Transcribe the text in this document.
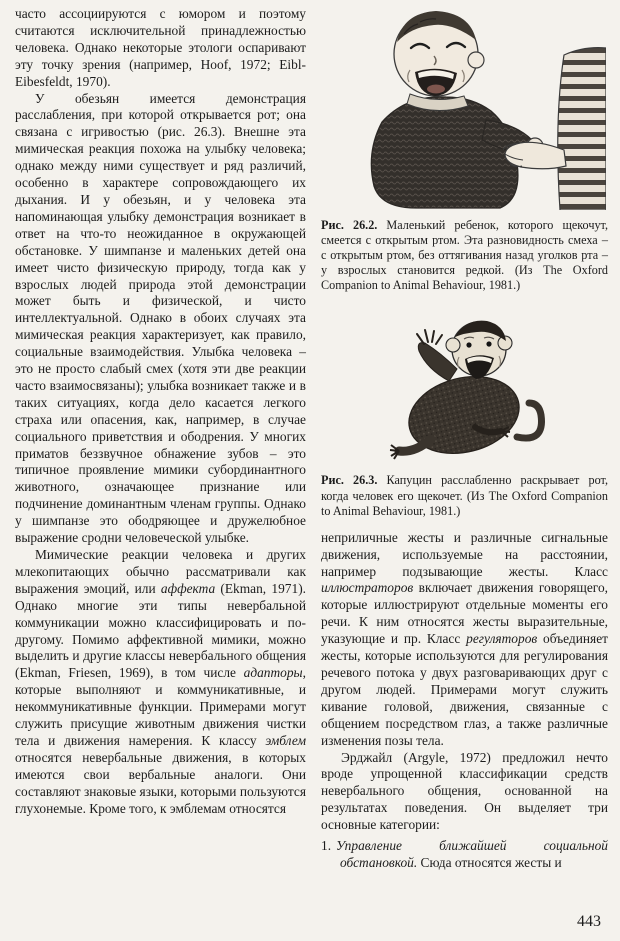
часто ассоциируются с юмором и поэтому считаются исключительной принадлежностью человека. Однако некоторые этологи оспаривают эту точку зрения (например, Hoof, 1972; Eibl-Eibesfeldt, 1970).

У обезьян имеется демонстрация расслабления, при которой открывается рот; она связана с игривостью (рис. 26.3). Внешне эта мимическая реакция похожа на улыбку человека; однако между ними существует и ряд различий, особенно в характере сопровождающего их дыхания. И у обезьян, и у человека эта напоминающая улыбку демонстрация возникает в ответ на что-то неожиданное в окружающей обстановке. У шимпанзе и маленьких детей она имеет чисто физическую природу, тогда как у взрослых людей природа этой демонстрации может быть и физической, и чисто интеллектуальной. Однако в обоих случаях эта мимическая реакция характеризует, как правило, социальные взаимодействия. Улыбка человека – это не просто слабый смех (хотя эти две реакции часто взаимосвязаны); улыбка возникает также и в таких ситуациях, когда дело касается легкого страха или опасения, как, например, в случае социального приветствия и ободрения. У многих приматов беззвучное обнажение зубов – это типичное проявление мимики субординантного животного, означающее признание или подчинение доминантным членам группы. Однако у шимпанзе это ободряющее и дружелюбное выражение сродни человеческой улыбке.

Мимические реакции человека и других млекопитающих обычно рассматривали как выражения эмоций, или аффекта (Ekman, 1971). Однако многие эти типы невербальной коммуникации можно классифицировать и по-другому. Помимо аффективной мимики, можно выделить и другие классы невербального общения (Ekman, Friesen, 1969), в том числе адапторы, которые выполняют и коммуникативные, и некоммуникативные функции. Примерами могут служить присущие животным движения чистки тела и движения намерения. К классу эмблем относятся невербальные движения, в которых имеются свои вербальные аналоги. Они составляют знаковые языки, которыми пользуются глухонемые. Кроме того, к эмблемам относятся

Рис. 26.2. Маленький ребенок, которого щекочут, смеется с открытым ртом. Эта разновидность смеха – с открытым ртом, без оттягивания назад уголков рта – у взрослых становится редкой. (Из The Oxford Companion to Animal Behaviour, 1981.)
Рис. 26.3. Капуцин расслабленно раскрывает рот, когда человек его щекочет. (Из The Oxford Companion to Animal Behaviour, 1981.)

неприличные жесты и различные сигнальные движения, используемые на расстоянии, например подзывающие жесты. Класс иллюстраторов включает движения говорящего, которые иллюстрируют отдельные моменты его речи. К ним относятся жесты выразительные, указующие и пр. Класс регуляторов объединяет жесты, которые используются для регулирования речевого потока у двух разговаривающих друг с другом людей. Примерами могут служить кивание головой, движения, связанные с общением посредством глаз, а также различные изменения позы тела.

Эрджайл (Argyle, 1972) предложил нечто вроде упрощенной классификации средств невербального общения, основанной на результатах поведения. Он выделяет три основные категории:

1. Управление ближайшей социальной обстановкой. Сюда относятся жесты и
443
